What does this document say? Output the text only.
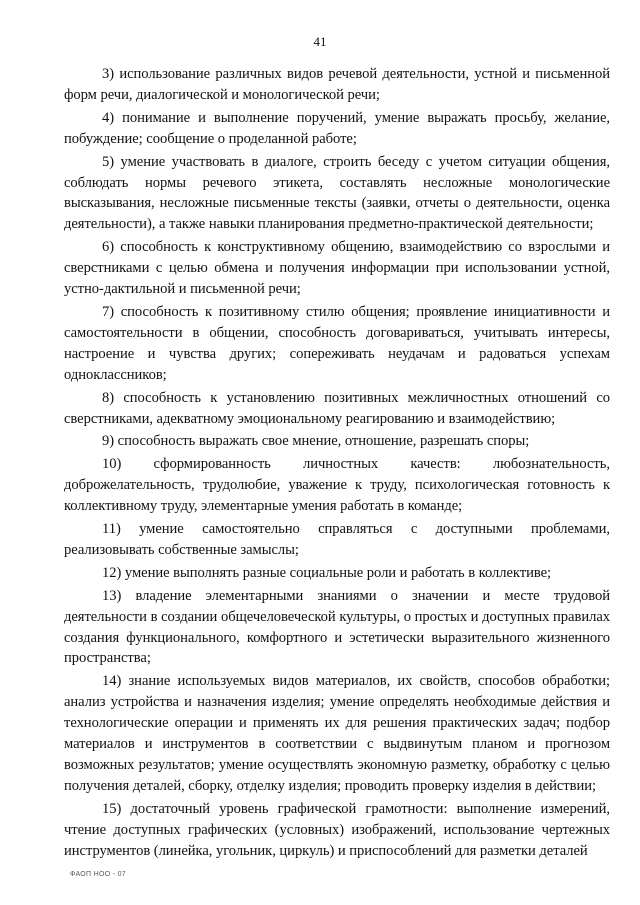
41

3) использование различных видов речевой деятельности, устной и письменной форм речи, диалогической и монологической речи;

4) понимание и выполнение поручений, умение выражать просьбу, желание, побуждение; сообщение о проделанной работе;

5) умение участвовать в диалоге, строить беседу с учетом ситуации общения, соблюдать нормы речевого этикета, составлять несложные монологические высказывания, несложные письменные тексты (заявки, отчеты о деятельности, оценка деятельности), а также навыки планирования предметно-практической деятельности;

6) способность к конструктивному общению, взаимодействию со взрослыми и сверстниками с целью обмена и получения информации при использовании устной, устно-дактильной и письменной речи;

7) способность к позитивному стилю общения; проявление инициативности и самостоятельности в общении, способность договариваться, учитывать интересы, настроение и чувства других; сопереживать неудачам и радоваться успехам одноклассников;

8) способность к установлению позитивных межличностных отношений со сверстниками, адекватному эмоциональному реагированию и взаимодействию;

9) способность выражать свое мнение, отношение, разрешать споры;

10) сформированность личностных качеств: любознательность, доброжелательность, трудолюбие, уважение к труду, психологическая готовность к коллективному труду, элементарные умения работать в команде;

11) умение самостоятельно справляться с доступными проблемами, реализовывать собственные замыслы;

12) умение выполнять разные социальные роли и работать в коллективе;

13) владение элементарными знаниями о значении и месте трудовой деятельности в создании общечеловеческой культуры, о простых и доступных правилах создания функционального, комфортного и эстетически выразительного жизненного пространства;

14) знание используемых видов материалов, их свойств, способов обработки; анализ устройства и назначения изделия; умение определять необходимые действия и технологические операции и применять их для решения практических задач; подбор материалов и инструментов в соответствии с выдвинутым планом и прогнозом возможных результатов; умение осуществлять экономную разметку, обработку с целью получения деталей, сборку, отделку изделия; проводить проверку изделия в действии;

15) достаточный уровень графической грамотности: выполнение измерений, чтение доступных графических (условных) изображений, использование чертежных инструментов (линейка, угольник, циркуль) и приспособлений для разметки деталей

ФАОП НОО - 07
